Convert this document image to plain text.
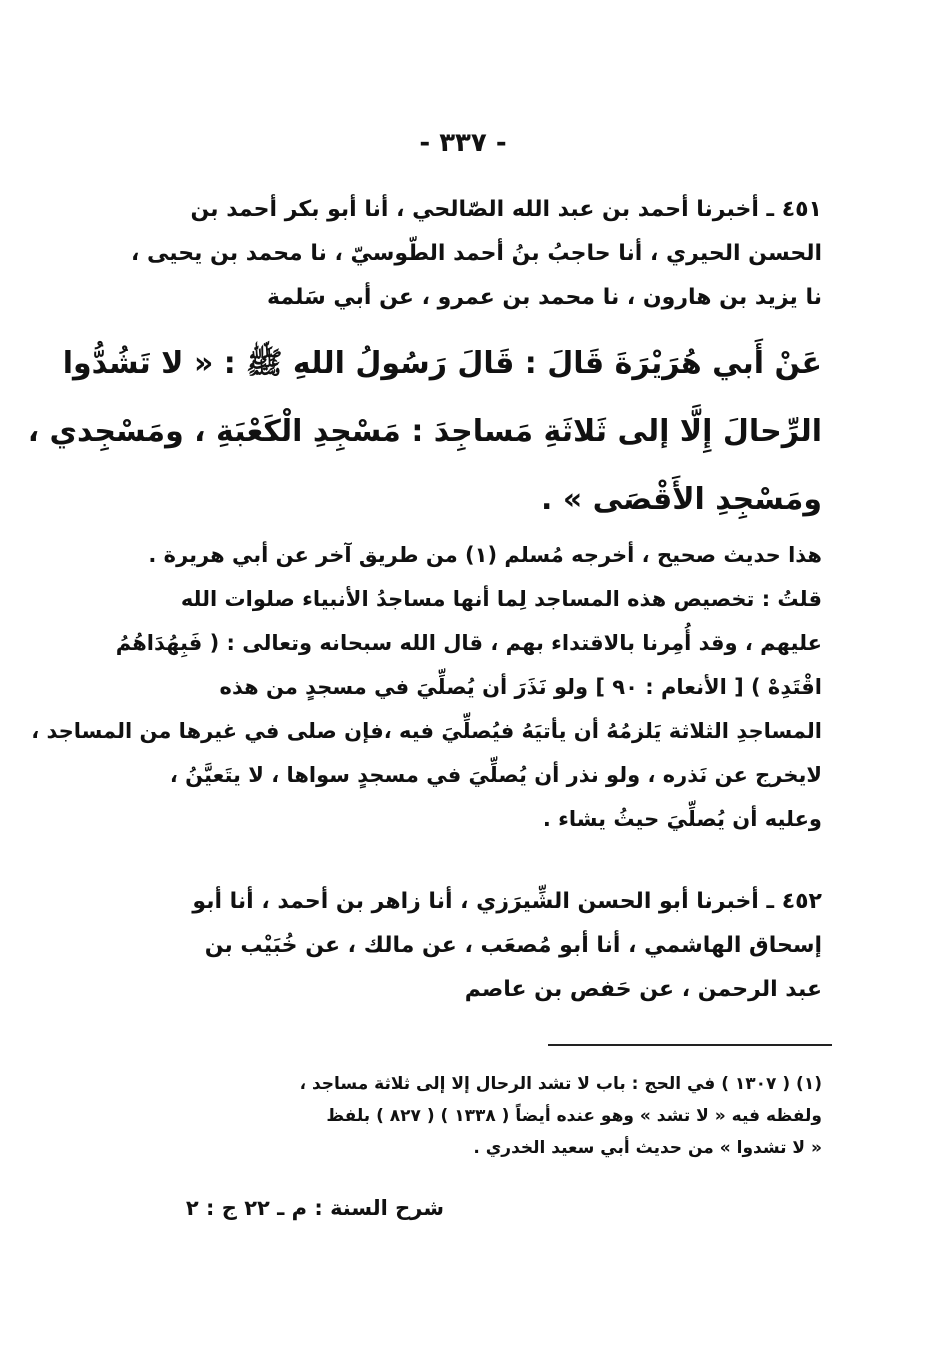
- ٣٣٧ -
٤٥١ ـ أخبرنا أحمد بن عبد الله الصّالحي ، أنا أبو بكر أحمد بن
الحسن الحيري ، أنا حاجبُ بنُ أحمد الطّوسيّ ، نا محمد بن يحيى ،
نا يزيد بن هارون ، نا محمد بن عمرو ، عن أبي سَلمة
عَنْ أَبي هُرَيْرَةَ قَالَ : قَالَ رَسُولُ اللهِ ﷺ : « لا تَشُدُّوا
الرِّحالَ إِلَّا إلى ثَلاثَةِ مَساجِدَ : مَسْجِدِ الْكَعْبَةِ ، ومَسْجِدي ،
ومَسْجِدِ الأَقْصَى » .
هذا حديث صحيح ، أخرجه مُسلم (١) من طريق آخر عن أبي هريرة .
قلتُ : تخصيص هذه المساجد لِما أنها مساجدُ الأنبياء صلوات الله
عليهم ، وقد أُمِرنا بالاقتداء بهم ، قال الله سبحانه وتعالى : ( فَبِهُدَاهُمُ
اقْتَدِهْ ) [ الأنعام : ٩٠ ] ولو نَذَرَ أن يُصلِّيَ في مسجدٍ من هذه
المساجدِ الثلاثة يَلزمُهُ أن يأتيَهُ فيُصلِّيَ فيه ،فإن صلى في غيرها من المساجد ،
لايخرج عن نَذره ، ولو نذر أن يُصلِّيَ في مسجدٍ سواها ، لا يتَعيَّنُ ،
وعليه أن يُصلِّيَ حيثُ يشاء .
٤٥٢ ـ أخبرنا أبو الحسن الشِّيرَزي ، أنا زاهر بن أحمد ، أنا أبو
إسحاق الهاشمي ، أنا أبو مُصعَب ، عن مالك ، عن خُبَيْب بن
عبد الرحمن ، عن حَفص بن عاصم
(١) ( ١٣٠٧ ) في الحج : باب لا تشد الرحال إلا إلى ثلاثة مساجد ،
ولفظه فيه « لا تشد » وهو عنده أيضاً ( ١٣٣٨ ) ( ٨٢٧ ) بلفظ
« لا تشدوا » من حديث أبي سعيد الخدري .
شرح السنة : م ـ ٢٢ ج : ٢
